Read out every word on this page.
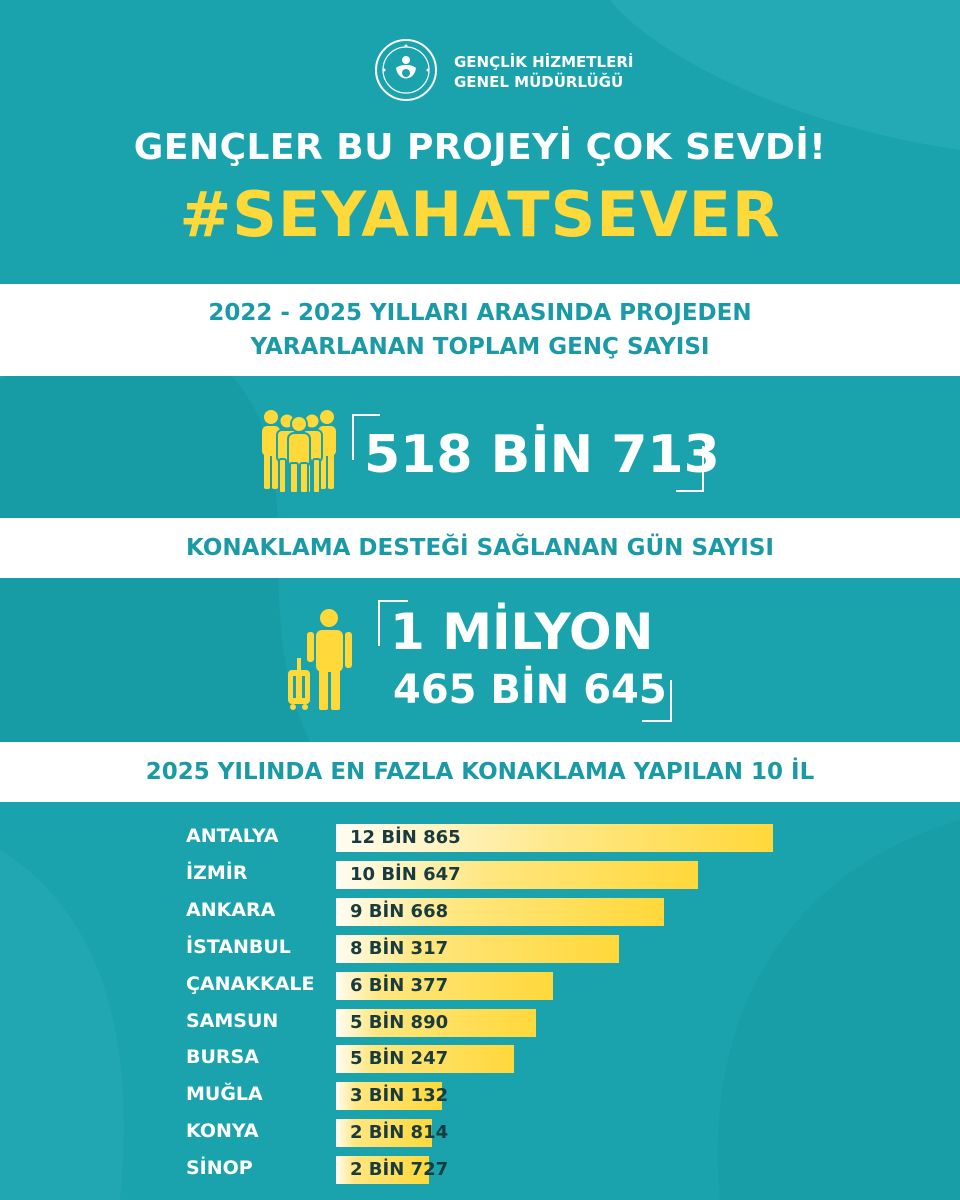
GENÇLİK HİZMETLERİ
GENEL MÜDÜRLÜĞÜ
GENÇLER BU PROJEYİ ÇOK SEVDİ!
#SEYAHATSEVER
2022 - 2025 YILLARI ARASINDA PROJEDEN
YARARLANAN TOPLAM GENÇ SAYISI
518 BİN 713
KONAKLAMA DESTEĞİ SAĞLANAN GÜN SAYISI
1 MİLYON
465 BİN 645
2025 YILINDA EN FAZLA KONAKLAMA YAPILAN 10 İL
ANTALYA	12 BİN 865
İZMİR	10 BİN 647
ANKARA	9 BİN 668
İSTANBUL	8 BİN 317
ÇANAKKALE	6 BİN 377
SAMSUN	5 BİN 890
BURSA	5 BİN 247
MUĞLA	3 BİN 132
KONYA	2 BİN 814
SİNOP	2 BİN 727
